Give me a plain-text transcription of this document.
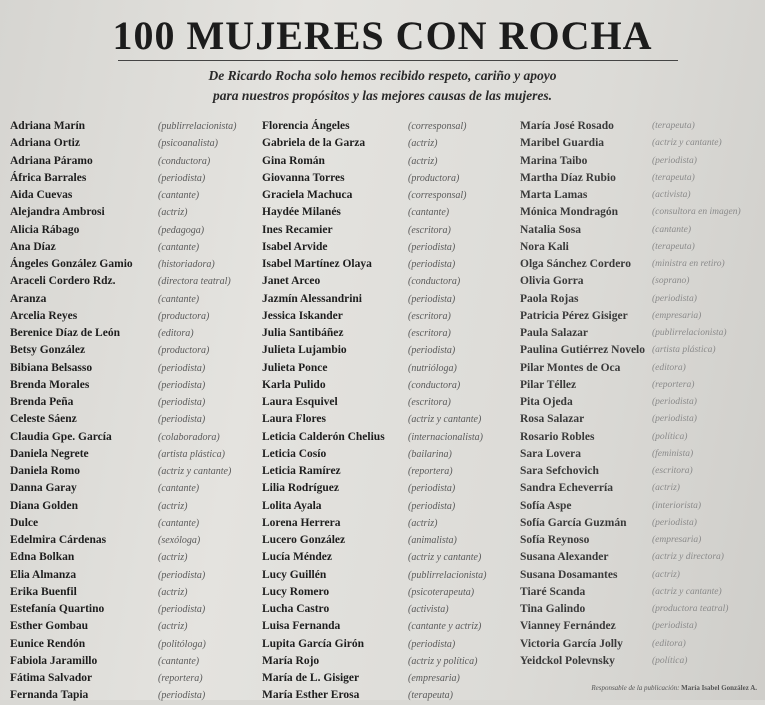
100 MUJERES CON ROCHA
De Ricardo Rocha solo hemos recibido respeto, cariño y apoyo
para nuestros propósitos y las mejores causas de las mujeres.
Adriana Marín	(publirrelacionista)
Adriana Ortiz	(psicoanalista)
Adriana Páramo	(conductora)
África Barrales	(periodista)
Aida Cuevas	(cantante)
Alejandra Ambrosi	(actriz)
Alicia Rábago	(pedagoga)
Ana Díaz	(cantante)
Ángeles González Gamio	(historiadora)
Araceli Cordero Rdz.	(directora teatral)
Aranza	(cantante)
Arcelia Reyes	(productora)
Berenice Díaz de León	(editora)
Betsy González	(productora)
Bibiana Belsasso	(periodista)
Brenda Morales	(periodista)
Brenda Peña	(periodista)
Celeste Sáenz	(periodista)
Claudia Gpe. García	(colaboradora)
Daniela Negrete	(artista plástica)
Daniela Romo	(actriz y cantante)
Danna Garay	(cantante)
Diana Golden	(actriz)
Dulce	(cantante)
Edelmira Cárdenas	(sexóloga)
Edna Bolkan	(actriz)
Elia Almanza	(periodista)
Erika Buenfil	(actriz)
Estefanía Quartino	(periodista)
Esther Gombau	(actriz)
Eunice Rendón	(politóloga)
Fabiola Jaramillo	(cantante)
Fátima Salvador	(reportera)
Fernanda Tapia	(periodista)
Florencia Ángeles	(corresponsal)
Gabriela de la Garza	(actriz)
Gina Román	(actriz)
Giovanna Torres	(productora)
Graciela Machuca	(corresponsal)
Haydée Milanés	(cantante)
Ines Recamier	(escritora)
Isabel Arvide	(periodista)
Isabel Martínez Olaya	(periodista)
Janet Arceo	(conductora)
Jazmín Alessandrini	(periodista)
Jessica Iskander	(escritora)
Julia Santibáñez	(escritora)
Julieta Lujambio	(periodista)
Julieta Ponce	(nutrióloga)
Karla Pulido	(conductora)
Laura Esquivel	(escritora)
Laura Flores	(actriz y cantante)
Leticia Calderón Chelius (internacionalista)
Leticia Cosío	(bailarina)
Leticia Ramírez	(reportera)
Lilia Rodríguez	(periodista)
Lolita Ayala	(periodista)
Lorena Herrera	(actriz)
Lucero González	(animalista)
Lucía Méndez	(actriz y cantante)
Lucy Guillén	(publirrelacionista)
Lucy Romero	(psicoterapeuta)
Lucha Castro	(activista)
Luisa Fernanda	(cantante y actriz)
Lupita García Girón	(periodista)
María Rojo	(actriz y política)
María de L. Gisiger	(empresaria)
María Esther Erosa	(terapeuta)
María José Rosado	(terapeuta)
Maribel Guardia	(actriz y cantante)
Marina Taibo	(periodista)
Martha Díaz Rubio	(terapeuta)
Marta Lamas	(activista)
Mónica Mondragón	(consultora en imagen)
Natalia Sosa	(cantante)
Nora Kali	(terapeuta)
Olga Sánchez Cordero (ministra en retiro)
Olivia Gorra	(soprano)
Paola Rojas	(periodista)
Patricia Pérez Gisiger	(empresaria)
Paula Salazar	(publirrelacionista)
Paulina Gutiérrez Novelo (artista plástica)
Pilar Montes de Oca	(editora)
Pilar Téllez	(reportera)
Pita Ojeda	(periodista)
Rosa Salazar	(periodista)
Rosario Robles	(política)
Sara Lovera	(feminista)
Sara Sefchovich	(escritora)
Sandra Echeverría	(actriz)
Sofía Aspe	(interiorista)
Sofía García Guzmán	(periodista)
Sofía Reynoso	(empresaria)
Susana Alexander	(actriz y directora)
Susana Dosamantes	(actriz)
Tiaré Scanda	(actriz y cantante)
Tina Galindo	(productora teatral)
Vianney Fernández	(periodista)
Victoria García Jolly	(editora)
Yeidckol Polevnsky	(política)
Responsable de la publicación: María Isabel González A.
